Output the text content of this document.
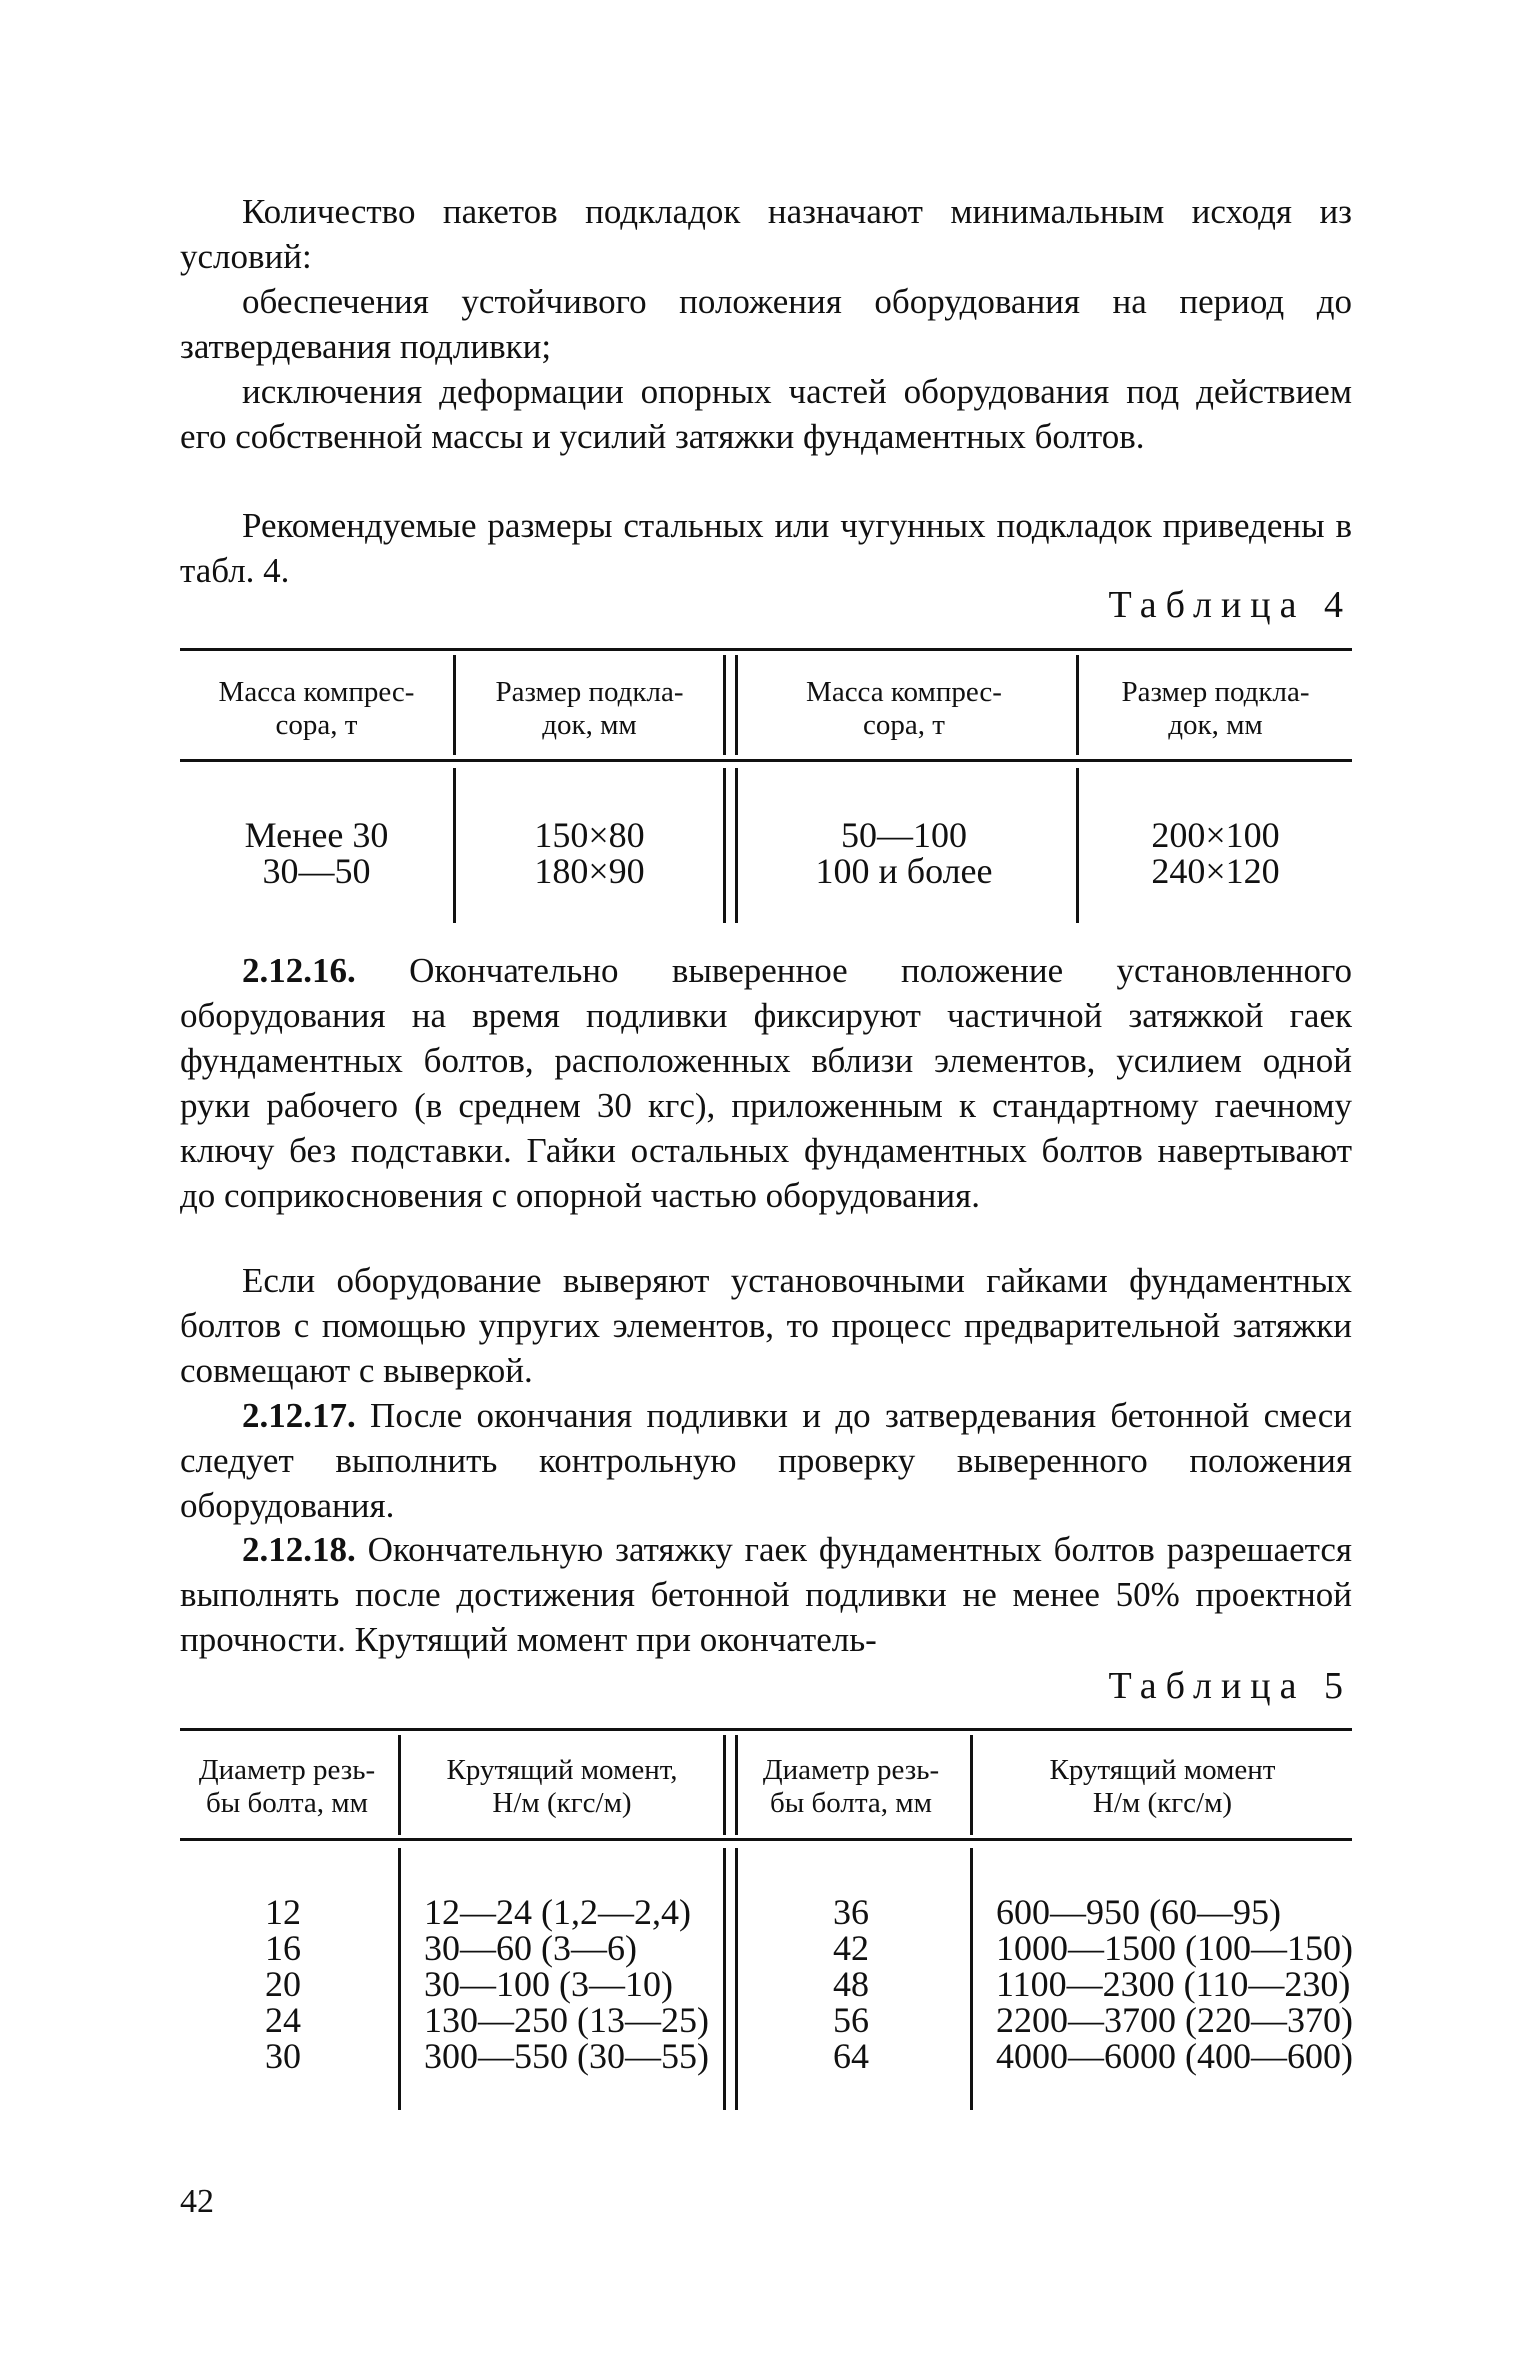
Количество пакетов подкладок назначают минимальным исходя из условий:

обеспечения устойчивого положения оборудования на период до затвердевания подливки;

исключения деформации опорных частей оборудования под действием его собственной массы и усилий затяжки фундаментных болтов.

Рекомендуемые размеры стальных или чугунных подкладок приведены в табл. 4.

Таблица 4
Масса компрес-
сора, т
Размер подкла-
док, мм
Масса компрес-
сора, т
Размер подкла-
док, мм
Менее 30
30—50
150×80
180×90
50—100
100 и более
200×100
240×120

2.12.16. Окончательно выверенное положение установленного оборудования на время подливки фиксируют частичной затяжкой гаек фундаментных болтов, расположенных вблизи элементов, усилием одной руки рабочего (в среднем 30 кгс), приложенным к стандартному гаечному ключу без подставки. Гайки остальных фундаментных болтов навертывают до соприкосновения с опорной частью оборудования.

Если оборудование выверяют установочными гайками фундаментных болтов с помощью упругих элементов, то процесс предварительной затяжки совмещают с выверкой.

2.12.17. После окончания подливки и до затвердевания бетонной смеси следует выполнить контрольную проверку выверенного положения оборудования.

2.12.18. Окончательную затяжку гаек фундаментных болтов разрешается выполнять после достижения бетонной подливки не менее 50% проектной прочности. Крутящий момент при окончатель-

Таблица 5
Диаметр резь-
бы болта, мм
Крутящий момент,
Н/м (кгс/м)
Диаметр резь-
бы болта, мм
Крутящий момент
Н/м (кгс/м)
12
16
20
24
30
12—24 (1,2—2,4)
30—60 (3—6)
30—100 (3—10)
130—250 (13—25)
300—550 (30—55)
36
42
48
56
64
600—950 (60—95)
1000—1500 (100—150)
1100—2300 (110—230)
2200—3700 (220—370)
4000—6000 (400—600)
42
